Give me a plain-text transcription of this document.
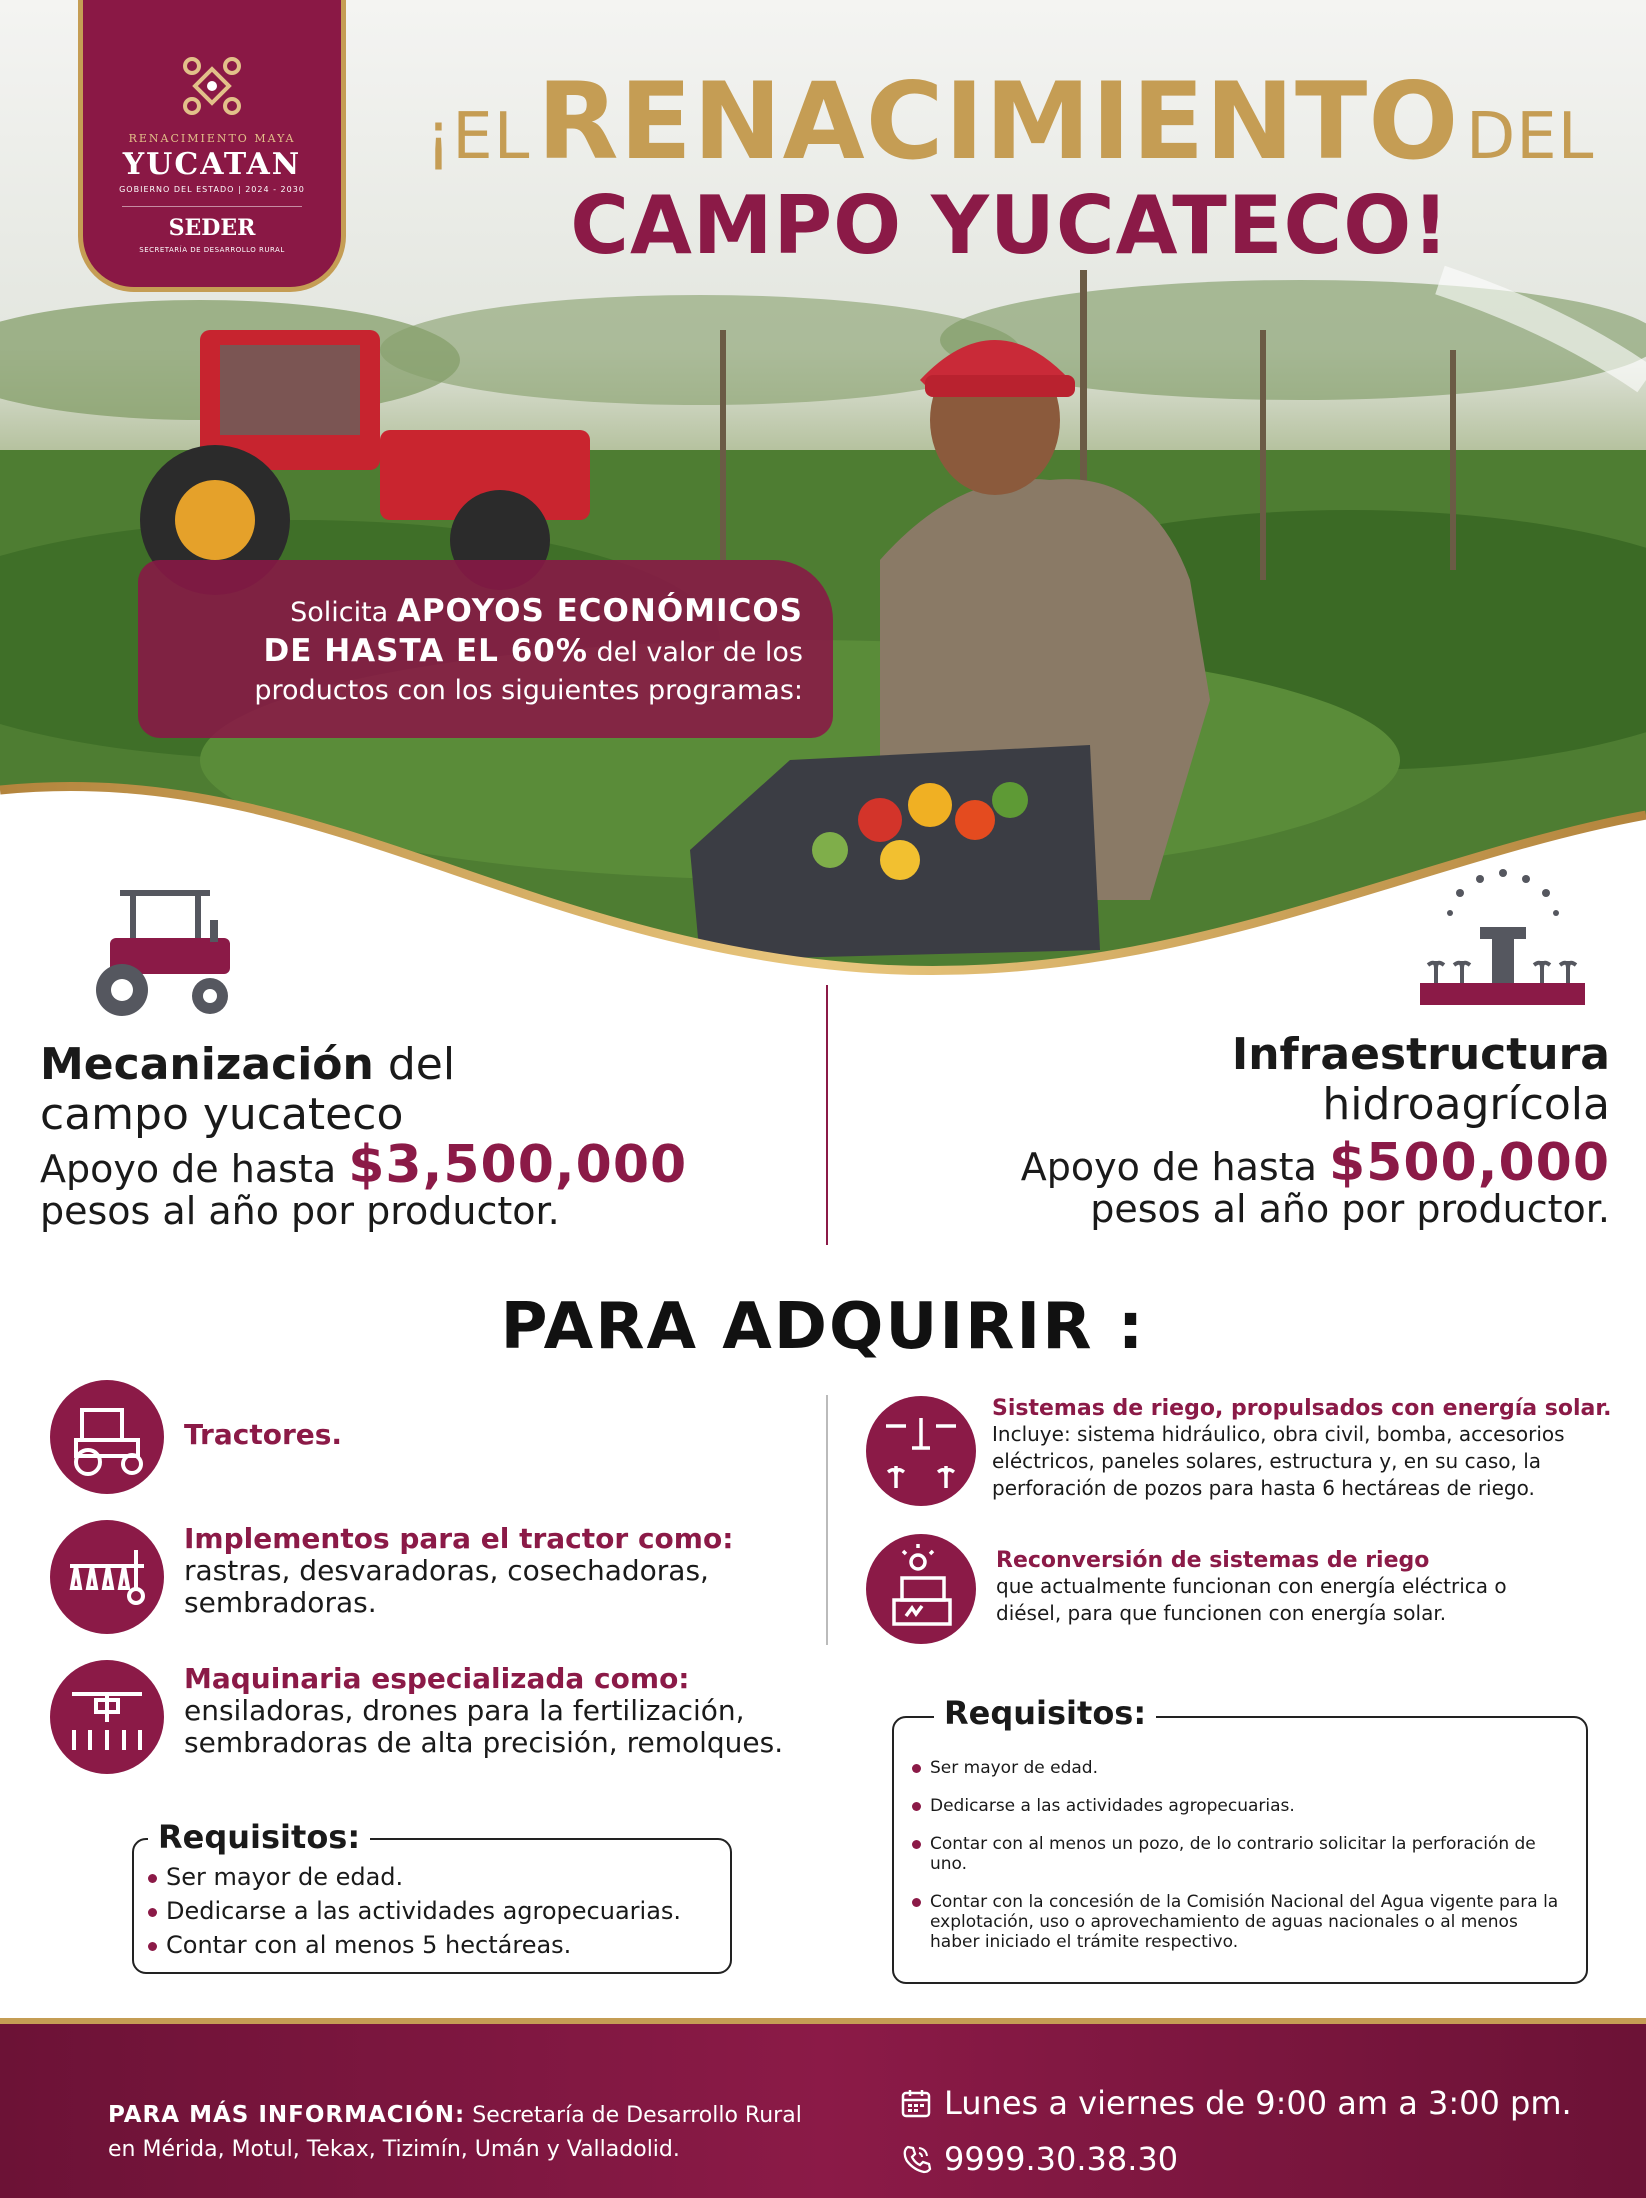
RENACIMIENTO MAYA
YUCATAN
GOBIERNO DEL ESTADO | 2024 - 2030
SEDER
SECRETARÍA DE DESARROLLO RURAL
¡EL RENACIMIENTO DEL
CAMPO YUCATECO!
Solicita APOYOS ECONÓMICOS
DE HASTA EL 60% del valor de los
productos con los siguientes programas:
Mecanización del
campo yucateco
Apoyo de hasta $3,500,000
pesos al año por productor.
Infraestructura
hidroagrícola
Apoyo de hasta $500,000
pesos al año por productor.
PARA ADQUIRIR :
Tractores.
Implementos para el tractor como:
rastras, desvaradoras, cosechadoras, sembradoras.
Maquinaria especializada como:
ensiladoras, drones para la fertilización, sembradoras de alta precisión, remolques.
Requisitos:
Ser mayor de edad.
Dedicarse a las actividades agropecuarias.
Contar con al menos 5 hectáreas.
Sistemas de riego, propulsados con energía solar.
Incluye: sistema hidráulico, obra civil, bomba, accesorios eléctricos, paneles solares, estructura y, en su caso, la perforación de pozos para hasta 6 hectáreas de riego.
Reconversión de sistemas de riego
que actualmente funcionan con energía eléctrica o diésel, para que funcionen con energía solar.
Requisitos:
Ser mayor de edad.
Dedicarse a las actividades agropecuarias.
Contar con al menos un pozo, de lo contrario solicitar la perforación de uno.
Contar con la concesión de la Comisión Nacional del Agua vigente para la explotación, uso o aprovechamiento de aguas nacionales o al menos haber iniciado el trámite respectivo.
PARA MÁS INFORMACIÓN: Secretaría de Desarrollo Rural en Mérida, Motul, Tekax, Tizimín, Umán y Valladolid.
Lunes a viernes de 9:00 am a 3:00 pm.
9999.30.38.30
